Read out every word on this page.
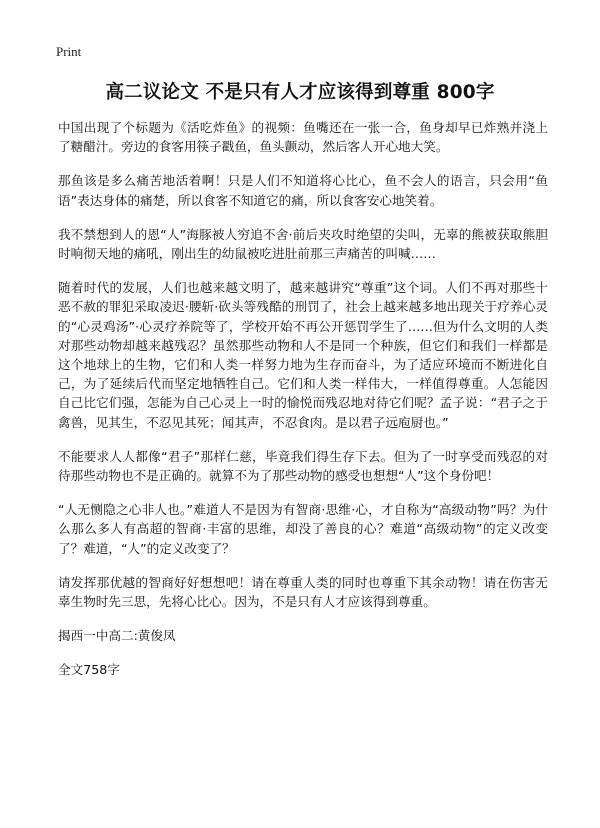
Print
高二议论文 不是只有人才应该得到尊重 800字

中国出现了个标题为《活吃炸鱼》的视频：鱼嘴还在一张一合，鱼身却早已炸熟并浇上了糖醋汁。旁边的食客用筷子戳鱼，鱼头颤动，然后客人开心地大笑。

那鱼该是多么痛苦地活着啊！只是人们不知道将心比心，鱼不会人的语言，只会用“鱼语”表达身体的痛楚，所以食客不知道它的痛，所以食客安心地笑着。

我不禁想到人的恩“人”海豚被人穷追不舍·前后夹攻时绝望的尖叫，无辜的熊被获取熊胆时响彻天地的痛吼，刚出生的幼鼠被吃进肚前那三声痛苦的叫喊……

随着时代的发展，人们也越来越文明了，越来越讲究“尊重”这个词。人们不再对那些十恶不赦的罪犯采取凌迟·腰斩·砍头等残酷的刑罚了，社会上越来越多地出现关于疗养心灵的“心灵鸡汤”·心灵疗养院等了，学校开始不再公开惩罚学生了……但为什么文明的人类对那些动物却越来越残忍？虽然那些动物和人不是同一个种族，但它们和我们一样都是这个地球上的生物，它们和人类一样努力地为生存而奋斗，为了适应环境而不断进化自己，为了延续后代而坚定地牺牲自己。它们和人类一样伟大，一样值得尊重。人怎能因自己比它们强，怎能为自己心灵上一时的愉悦而残忍地对待它们呢？孟子说：“君子之于禽兽，见其生，不忍见其死；闻其声，不忍食肉。是以君子远庖厨也。”

不能要求人人都像“君子”那样仁慈，毕竟我们得生存下去。但为了一时享受而残忍的对待那些动物也不是正确的。就算不为了那些动物的感受也想想“人”这个身份吧！

“人无恻隐之心非人也。”难道人不是因为有智商·思维·心，才自称为“高级动物”吗？为什么那么多人有高超的智商·丰富的思维，却没了善良的心？难道“高级动物”的定义改变了？难道，“人”的定义改变了？

请发挥那优越的智商好好想想吧！请在尊重人类的同时也尊重下其余动物！请在伤害无辜生物时先三思，先将心比心。因为，不是只有人才应该得到尊重。

揭西一中高二:黄俊凤

全文758字
